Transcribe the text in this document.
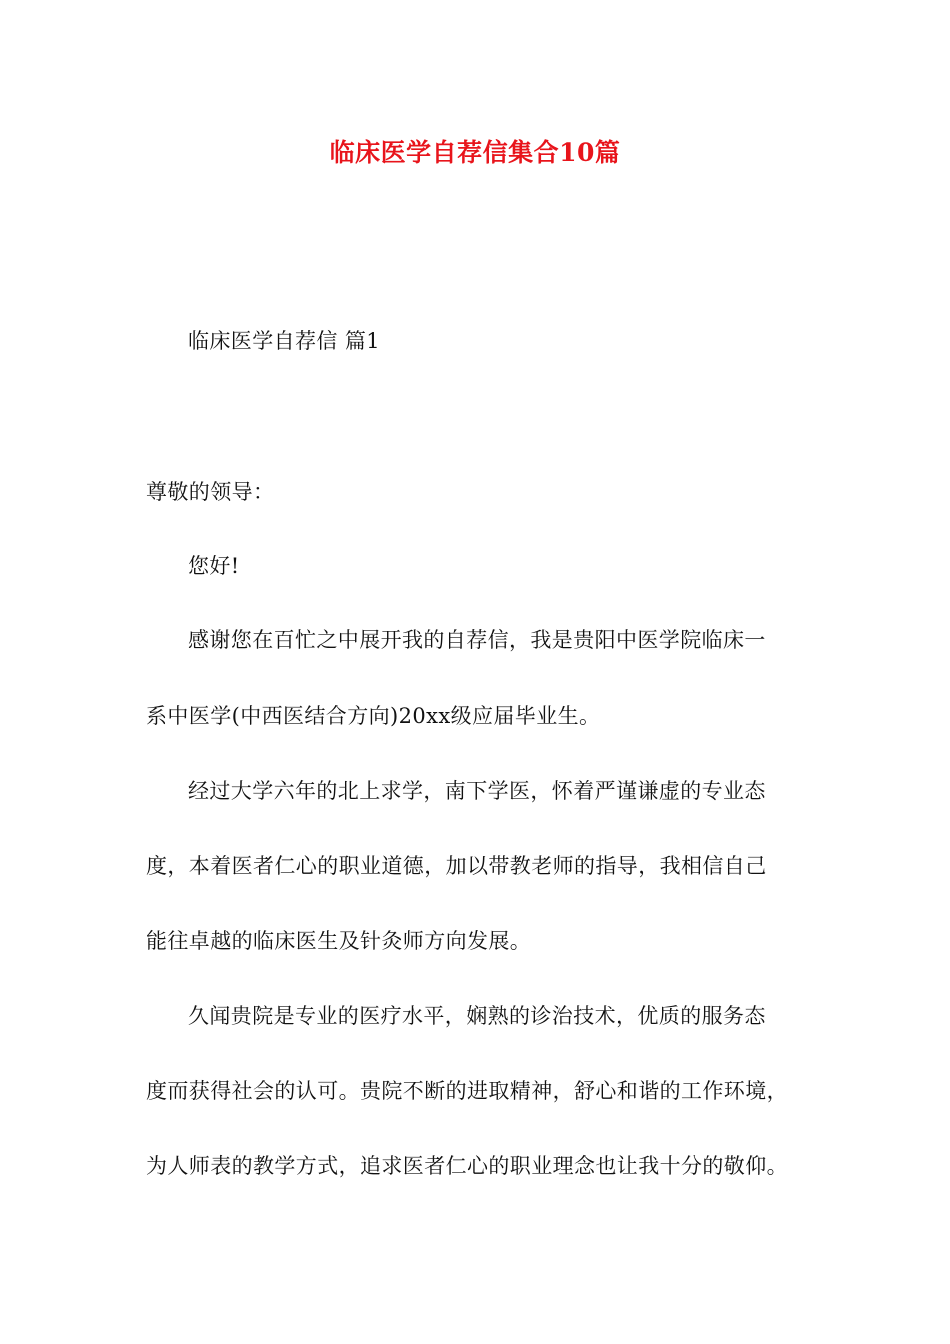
临床医学自荐信集合10篇
临床医学自荐信 篇1
尊敬的领导：
您好!
感谢您在百忙之中展开我的自荐信，我是贵阳中医学院临床一
系中医学(中西医结合方向)20xx级应届毕业生。
经过大学六年的北上求学，南下学医，怀着严谨谦虚的专业态
度，本着医者仁心的职业道德，加以带教老师的指导，我相信自己
能往卓越的临床医生及针灸师方向发展。
久闻贵院是专业的医疗水平，娴熟的诊治技术，优质的服务态
度而获得社会的认可。贵院不断的进取精神，舒心和谐的工作环境，
为人师表的教学方式，追求医者仁心的职业理念也让我十分的敬仰。
